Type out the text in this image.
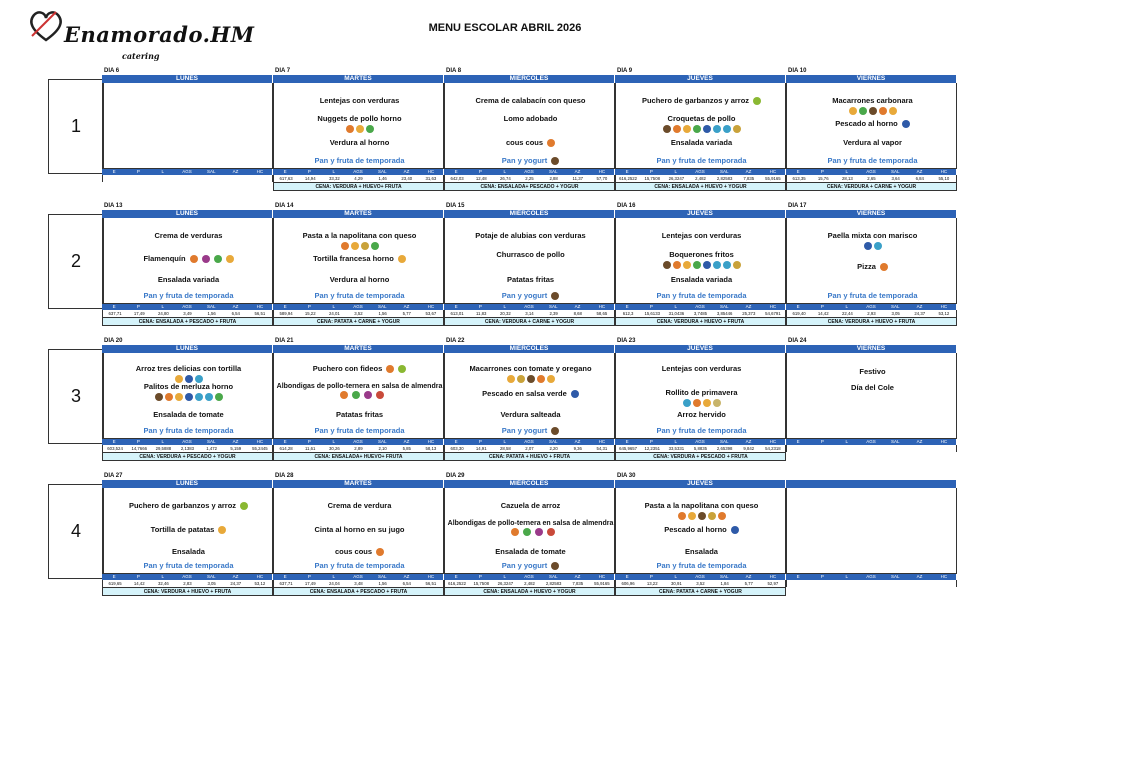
Enamorado.HM
catering
MENU ESCOLAR ABRIL 2026
1
DIA 6
LUNES
E	P	L	AGS	SAL	AZ	HC
DIA 7
MARTES
Lentejas con verduras
Nuggets de pollo horno
Verdura al horno
Pan y fruta de temporada
E	P	L	AGS	SAL	AZ	HC
617,63	14,94	33,32	4,29	1,46	23,40	31,63
CENA: VERDURA + HUEVO+ FRUTA
DIA 8
MIÉRCOLES
Crema de calabacín con queso
Lomo adobado
cous cous
Pan y yogurt
E	P	L	AGS	SAL	AZ	HC
642,03	12,48	26,74	2,25	2,88	11,37	57,70
CENA: ENSALADA+ PESCADO + YOGUR
DIA 9
JUEVES
Puchero de garbanzos y arroz
Croquetas de pollo
Ensalada variada
Pan y fruta de temporada
E	P	L	AGS	SAL	AZ	HC
616,2522	15,7508	26,3247	2,482	2,82583	7,835	55,9165
CENA: ENSALADA + HUEVO + YOGUR
DIA 10
VIERNES
Macarrones carbonara
Pescado al horno
Verdura al vapor
Pan y fruta de temporada
E	P	L	AGS	SAL	AZ	HC
613,35	15,76	28,13	2,65	3,64	6,84	55,10
CENA: VERDURA + CARNE + YOGUR
2
DIA 13
LUNES
Crema de verduras
Flamenquín
Ensalada variada
Pan y fruta de temporada
E	P	L	AGS	SAL	AZ	HC
637,71	17,49	24,80	3,49	1,56	6,54	56,51
CENA: ENSALADA + PESCADO + FRUTA
DIA 14
MARTES
Pasta a la napolitana con queso
Tortilla francesa horno
Verdura al horno
Pan y fruta de temporada
E	P	L	AGS	SAL	AZ	HC
589,94	15,22	24,01	3,52	1,56	5,77	53,67
CENA: PATATA + CARNE + YOGUR
DIA 15
MIÉRCOLES
Potaje de alubias con verduras
Churrasco de pollo
Patatas fritas
Pan y yogurt
E	P	L	AGS	SAL	AZ	HC
613,01	11,83	20,32	3,14	2,39	8,68	58,65
CENA: VERDURA + CARNE + YOGUR
DIA 16
JUEVES
Lentejas con verduras
Boquerones fritos
Ensalada variada
Pan y fruta de temporada
E	P	L	AGS	SAL	AZ	HC
612,3	15,6133	31,0436	3,7485	3,85446	25,373	54,6791
CENA: VERDURA + HUEVO + FRUTA
DIA 17
VIERNES
Paella mixta con marisco
Pizza
Pan y fruta de temporada
E	P	L	AGS	SAL	AZ	HC
619,40	14,42	22,44	2,93	3,05	24,37	53,12
CENA: VERDURA + HUEVO + FRUTA
3
DIA 20
LUNES
Arroz tres delicias con tortilla
Palitos de merluza horno
Ensalada de tomate
Pan y fruta de temporada
E	P	L	AGS	SAL	AZ	HC
603,524	14,7666	29,5888	2,1383	1,472	5,159	55,2445
CENA: VERDURA + PESCADO + YOGUR
DIA 21
MARTES
Puchero con fideos
Albondigas de pollo-ternera en salsa de almendra
Patatas fritas
Pan y fruta de temporada
E	P	L	AGS	SAL	AZ	HC
614,28	11,61	30,26	2,89	2,10	5,85	58,13
CENA: ENSALADA+ HUEVO+ FRUTA
DIA 22
MIÉRCOLES
Macarrones con tomate y oregano
Pescado en salsa verde
Verdura salteada
Pan y yogurt
E	P	L	AGS	SAL	AZ	HC
603,30	14,91	28,58	2,07	2,20	9,36	54,31
CENA: PATATA + HUEVO + FRUTA
DIA 23
JUEVES
Lentejas con verduras
Rollito de primavera
Arroz hervido
Pan y fruta de temporada
E	P	L	AGS	SAL	AZ	HC
645,9657	12,2351	33,5331	5,8835	2,65398	9,842	54,2318
CENA: VERDURA + PESCADO + FRUTA
DIA 24
VIERNES
Festivo
Día del Cole
E	P	L	AGS	SAL	AZ	HC
4
DIA 27
LUNES
Puchero de garbanzos y arroz
Tortilla de patatas
Ensalada
Pan y fruta de temporada
E	P	L	AGS	SAL	AZ	HC
619,65	14,42	32,46	2,83	3,05	24,37	53,12
CENA: VERDURA + HUEVO + FRUTA
DIA 28
MARTES
Crema de verdura
Cinta al horno en su jugo
cous cous
Pan y fruta de temporada
E	P	L	AGS	SAL	AZ	HC
637,71	17,49	24,04	3,48	1,56	6,54	56,51
CENA: ENSALADA + PESCADO + FRUTA
DIA 29
MIÉRCOLES
Cazuela de arroz
Albondigas de pollo-ternera en salsa de almendra
Ensalada de tomate
Pan y yogurt
E	P	L	AGS	SAL	AZ	HC
616,2522	15,7508	26,3247	2,482	2,82583	7,835	55,9165
CENA: ENSALADA + HUEVO + YOGUR
DIA 30
JUEVES
Pasta a la napolitana con queso
Pescado al horno
Ensalada
Pan y fruta de temporada
E	P	L	AGS	SAL	AZ	HC
606,96	13,22	30,91	3,52	1,84	5,77	52,97
CENA: PATATA + CARNE + YOGUR
E	P	L	AGS	SAL	AZ	HC
